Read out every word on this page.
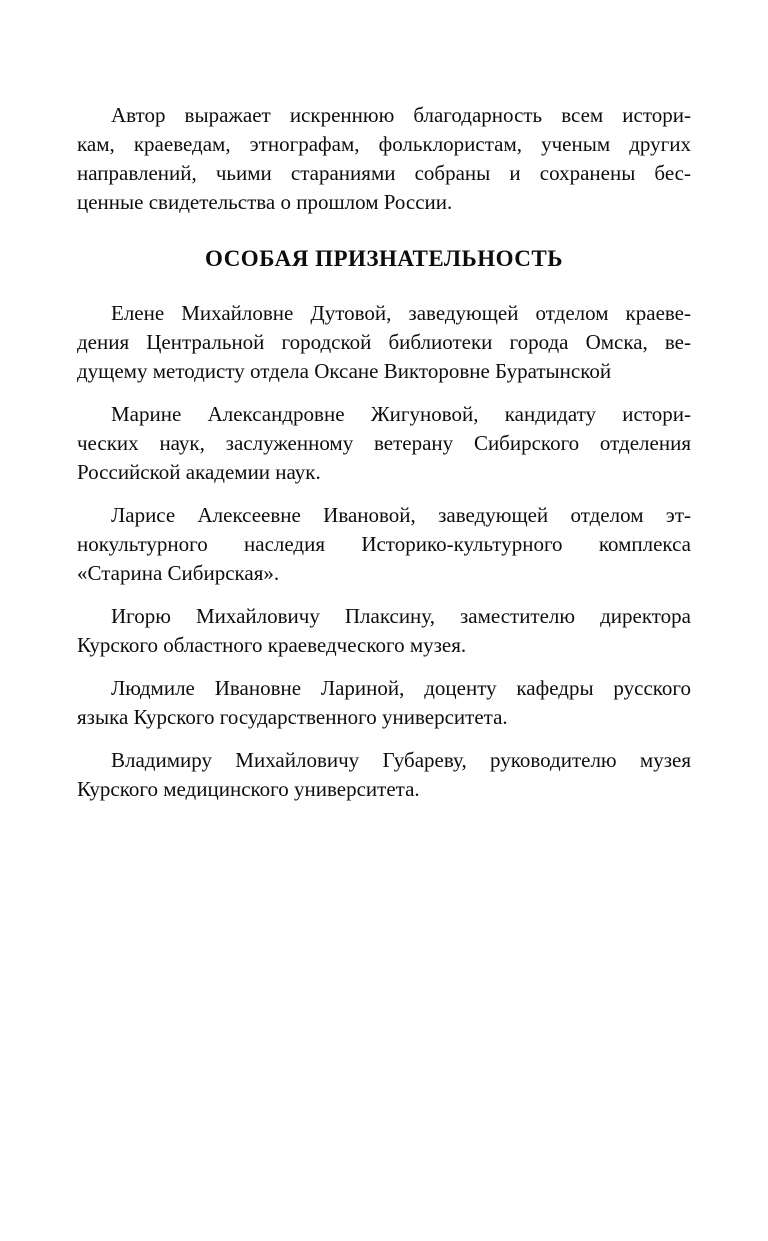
Автор выражает искреннюю благодарность всем истори-
кам, краеведам, этнографам, фольклористам, ученым других
направлений, чьими стараниями собраны и сохранены бес-
ценные свидетельства о прошлом России.
ОСОБАЯ ПРИЗНАТЕЛЬНОСТЬ
Елене Михайловне Дутовой, заведующей отделом краеве-
дения Центральной городской библиотеки города Омска, ве-
дущему методисту отдела Оксане Викторовне Буратынской
Марине Александровне Жигуновой, кандидату истори-
ческих наук, заслуженному ветерану Сибирского отделения
Российской академии наук.
Ларисе Алексеевне Ивановой, заведующей отделом эт-
нокультурного наследия Историко-культурного комплекса
«Старина Сибирская».
Игорю Михайловичу Плаксину, заместителю директора
Курского областного краеведческого музея.
Людмиле Ивановне Лариной, доценту кафедры русского
языка Курского государственного университета.
Владимиру Михайловичу Губареву, руководителю музея
Курского медицинского университета.
